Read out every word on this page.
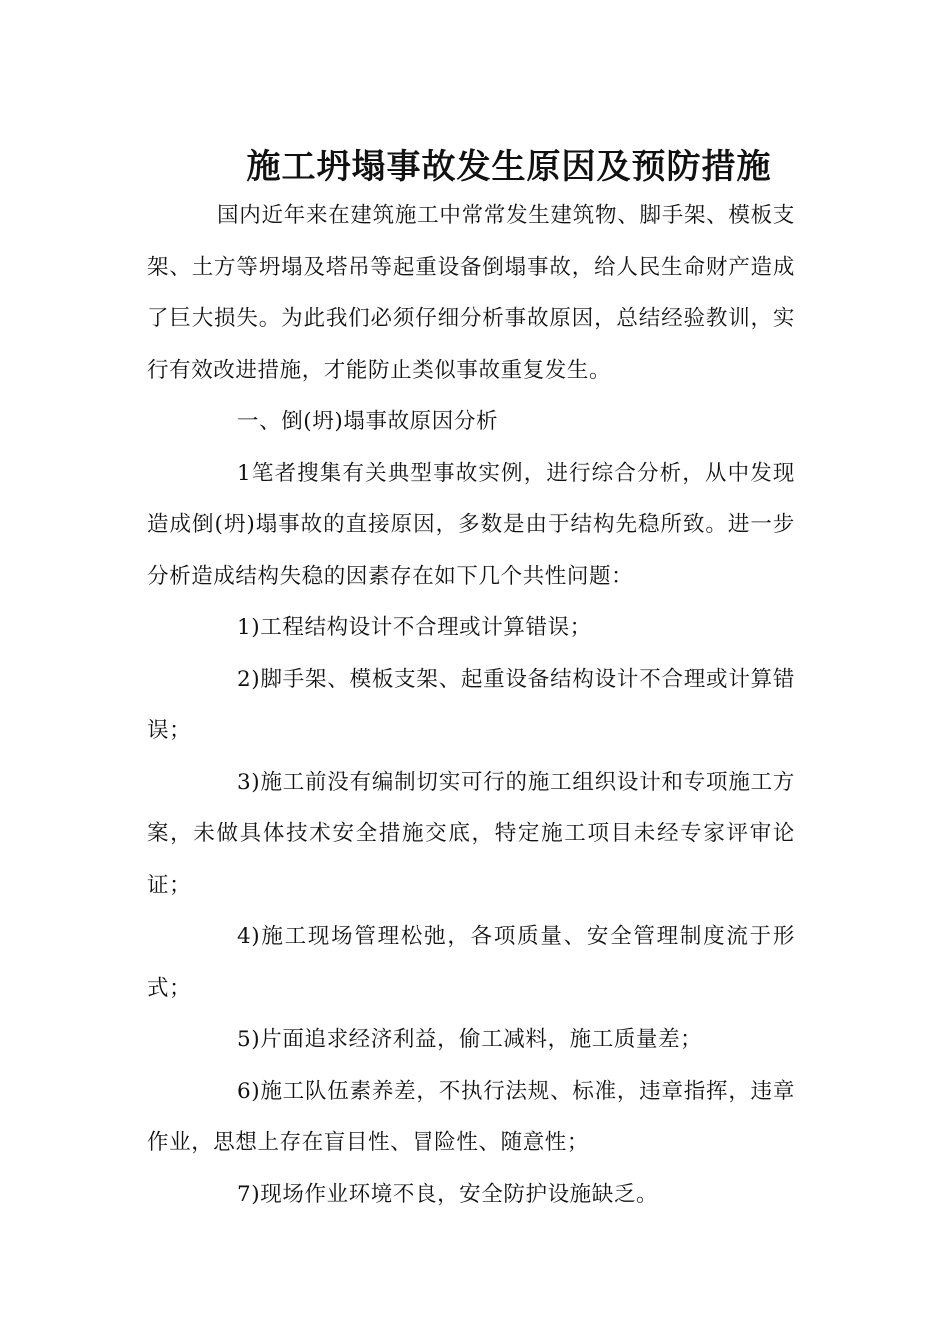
施工坍塌事故发生原因及预防措施

国内近年来在建筑施工中常常发生建筑物、脚手架、模板支架、土方等坍塌及塔吊等起重设备倒塌事故，给人民生命财产造成了巨大损失。为此我们必须仔细分析事故原因，总结经验教训，实行有效改进措施，才能防止类似事故重复发生。

一、倒(坍)塌事故原因分析

1笔者搜集有关典型事故实例，进行综合分析，从中发现造成倒(坍)塌事故的直接原因，多数是由于结构先稳所致。进一步分析造成结构失稳的因素存在如下几个共性问题：

1)工程结构设计不合理或计算错误；

2)脚手架、模板支架、起重设备结构设计不合理或计算错误；

3)施工前没有编制切实可行的施工组织设计和专项施工方案，未做具体技术安全措施交底，特定施工项目未经专家评审论证；

4)施工现场管理松弛，各项质量、安全管理制度流于形式；

5)片面追求经济利益，偷工减料，施工质量差；

6)施工队伍素养差，不执行法规、标准，违章指挥，违章作业，思想上存在盲目性、冒险性、随意性；

7)现场作业环境不良，安全防护设施缺乏。
